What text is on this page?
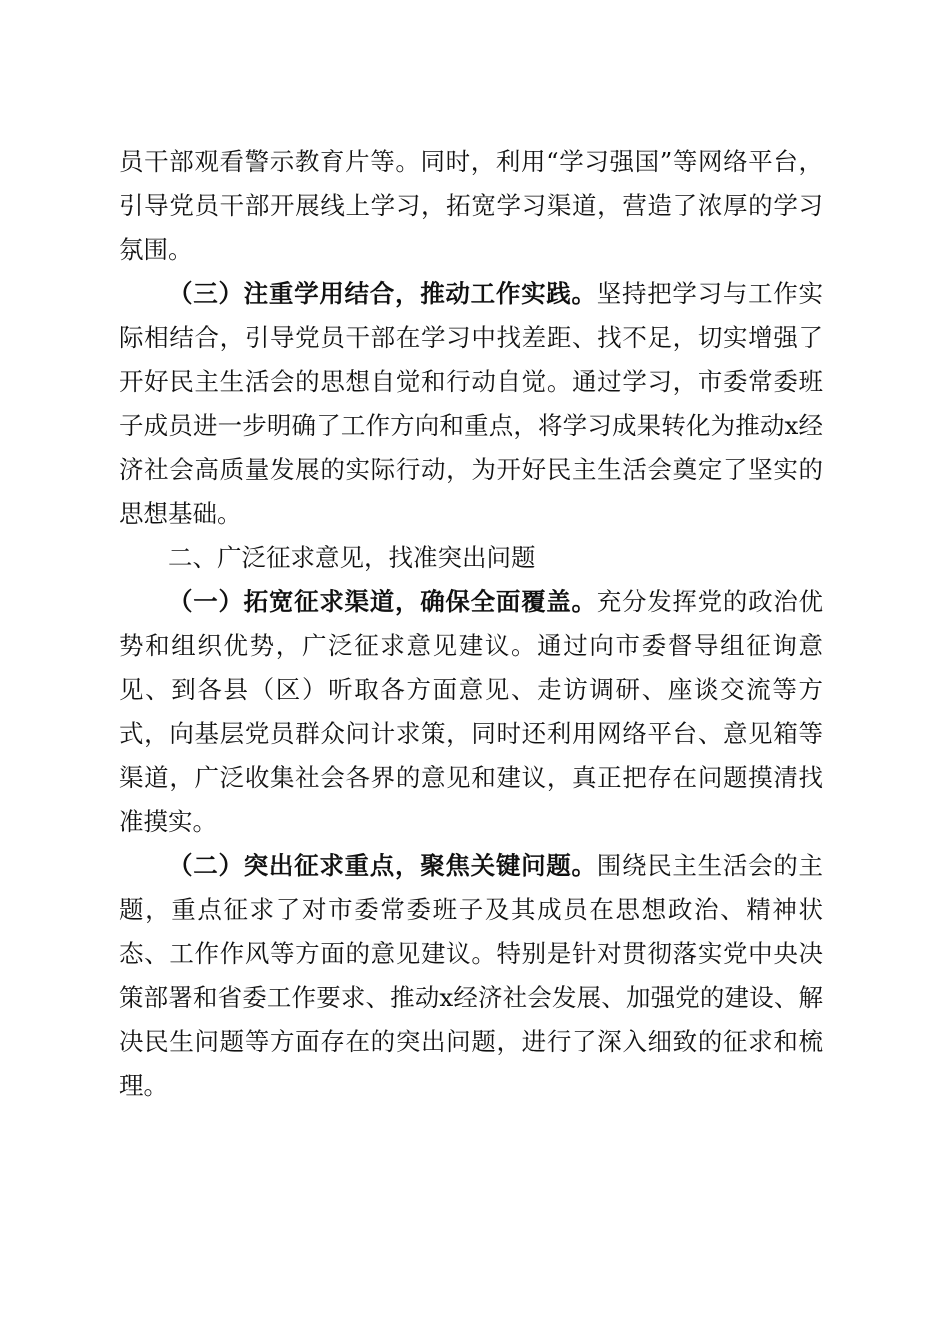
员干部观看警示教育片等。同时，利用“学习强国”等网络平台，引导党员干部开展线上学习，拓宽学习渠道，营造了浓厚的学习氛围。

（三）注重学用结合，推动工作实践。坚持把学习与工作实际相结合，引导党员干部在学习中找差距、找不足，切实增强了开好民主生活会的思想自觉和行动自觉。通过学习，市委常委班子成员进一步明确了工作方向和重点，将学习成果转化为推动x经济社会高质量发展的实际行动，为开好民主生活会奠定了坚实的思想基础。

二、广泛征求意见，找准突出问题

（一）拓宽征求渠道，确保全面覆盖。充分发挥党的政治优势和组织优势，广泛征求意见建议。通过向市委督导组征询意见、到各县（区）听取各方面意见、走访调研、座谈交流等方式，向基层党员群众问计求策，同时还利用网络平台、意见箱等渠道，广泛收集社会各界的意见和建议，真正把存在问题摸清找准摸实。

（二）突出征求重点，聚焦关键问题。围绕民主生活会的主题，重点征求了对市委常委班子及其成员在思想政治、精神状态、工作作风等方面的意见建议。特别是针对贯彻落实党中央决策部署和省委工作要求、推动x经济社会发展、加强党的建设、解决民生问题等方面存在的突出问题，进行了深入细致的征求和梳理。
